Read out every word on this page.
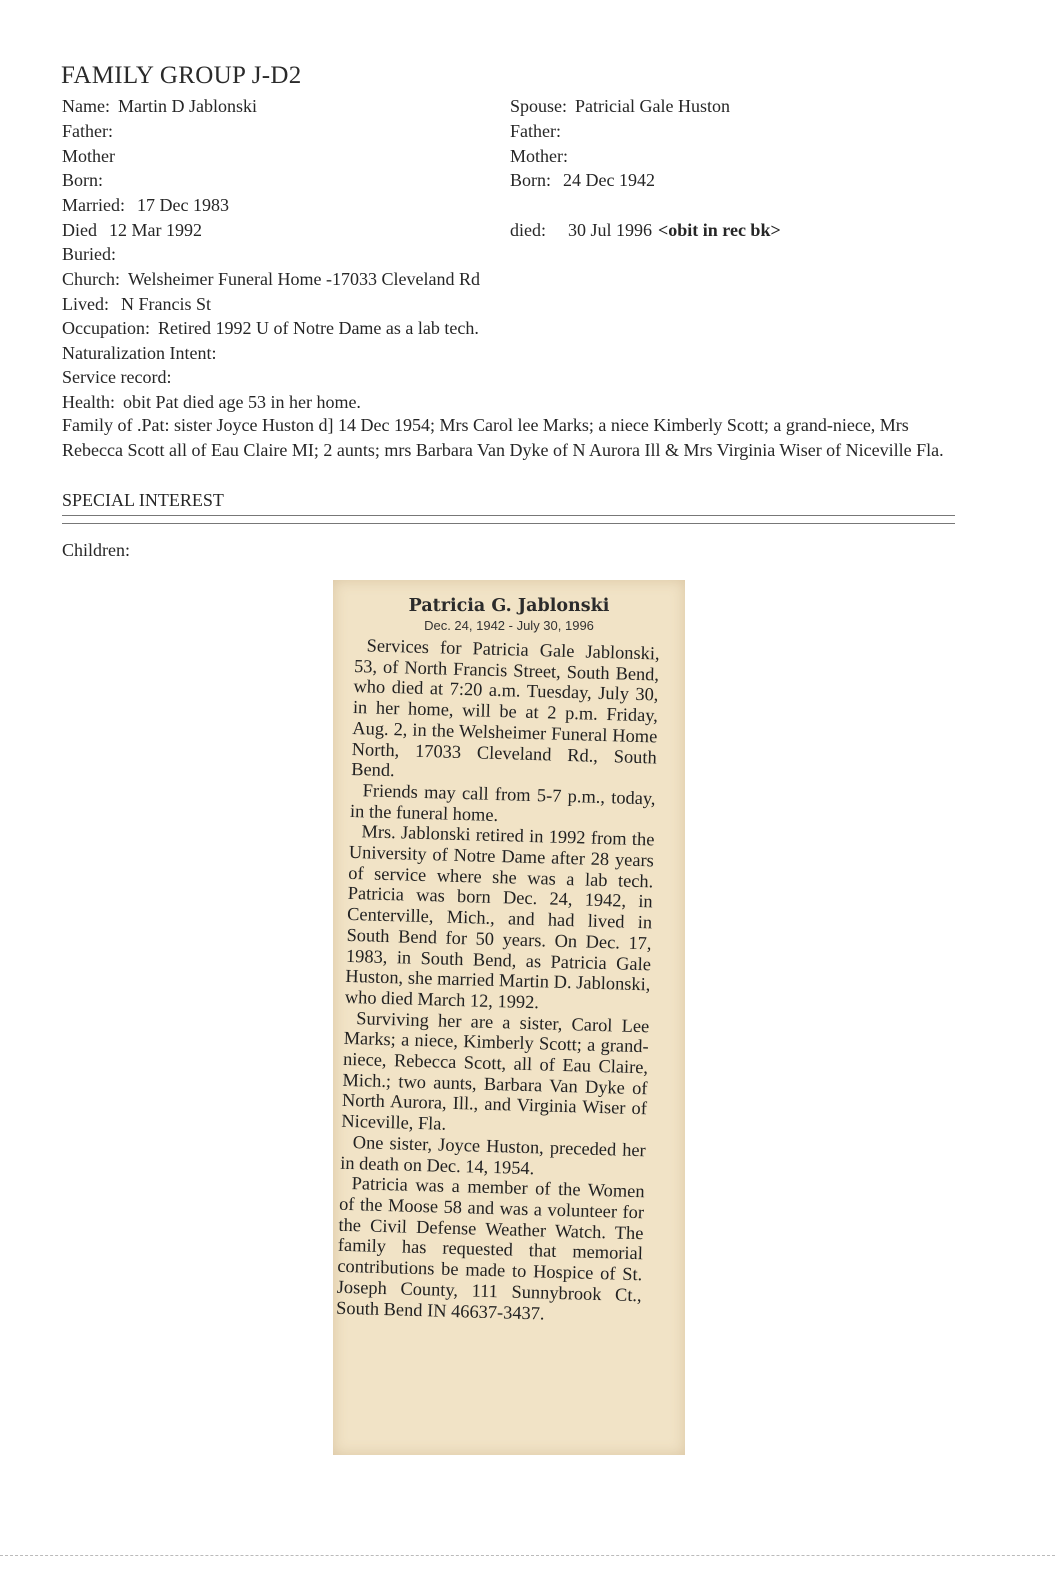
FAMILY GROUP J-D2
Name: Martin D Jablonski
Father:
Mother
Born:
Married: 17 Dec 1983
Died 12 Mar 1992
Buried:
Church: Welsheimer Funeral Home -17033 Cleveland Rd
Lived: N Francis St
Occupation: Retired 1992 U of Notre Dame as a lab tech.
Naturalization Intent:
Service record:
Health: obit Pat died age 53 in her home.
Family of .Pat: sister Joyce Huston d] 14 Dec 1954; Mrs Carol lee Marks; a niece Kimberly Scott; a grand-niece, Mrs Rebecca Scott all of Eau Claire MI; 2 aunts; mrs Barbara Van Dyke of N Aurora Ill & Mrs Virginia Wiser of Niceville Fla.
SPECIAL INTEREST
Children:
Spouse: Patricial Gale Huston
Father:
Mother:
Born: 24 Dec 1942
died: 30 Jul 1996 <obit in rec bk>
Patricia G. Jablonski
Dec. 24, 1942 - July 30, 1996

Services for Patricia Gale Jablonski, 53, of North Francis Street, South Bend, who died at 7:20 a.m. Tuesday, July 30, in her home, will be at 2 p.m. Friday, Aug. 2, in the Welsheimer Funeral Home North, 17033 Cleveland Rd., South Bend.

Friends may call from 5-7 p.m., today, in the funeral home.

Mrs. Jablonski retired in 1992 from the University of Notre Dame after 28 years of service where she was a lab tech. Patricia was born Dec. 24, 1942, in Centerville, Mich., and had lived in South Bend for 50 years. On Dec. 17, 1983, in South Bend, as Patricia Gale Huston, she married Martin D. Jablonski, who died March 12, 1992.

Surviving her are a sister, Carol Lee Marks; a niece, Kimberly Scott; a grand-niece, Rebecca Scott, all of Eau Claire, Mich.; two aunts, Barbara Van Dyke of North Aurora, Ill., and Virginia Wiser of Niceville, Fla.

One sister, Joyce Huston, preceded her in death on Dec. 14, 1954.

Patricia was a member of the Women of the Moose 58 and was a volunteer for the Civil Defense Weather Watch. The family has requested that memorial contributions be made to Hospice of St. Joseph County, 111 Sunnybrook Ct., South Bend IN 46637-3437.
